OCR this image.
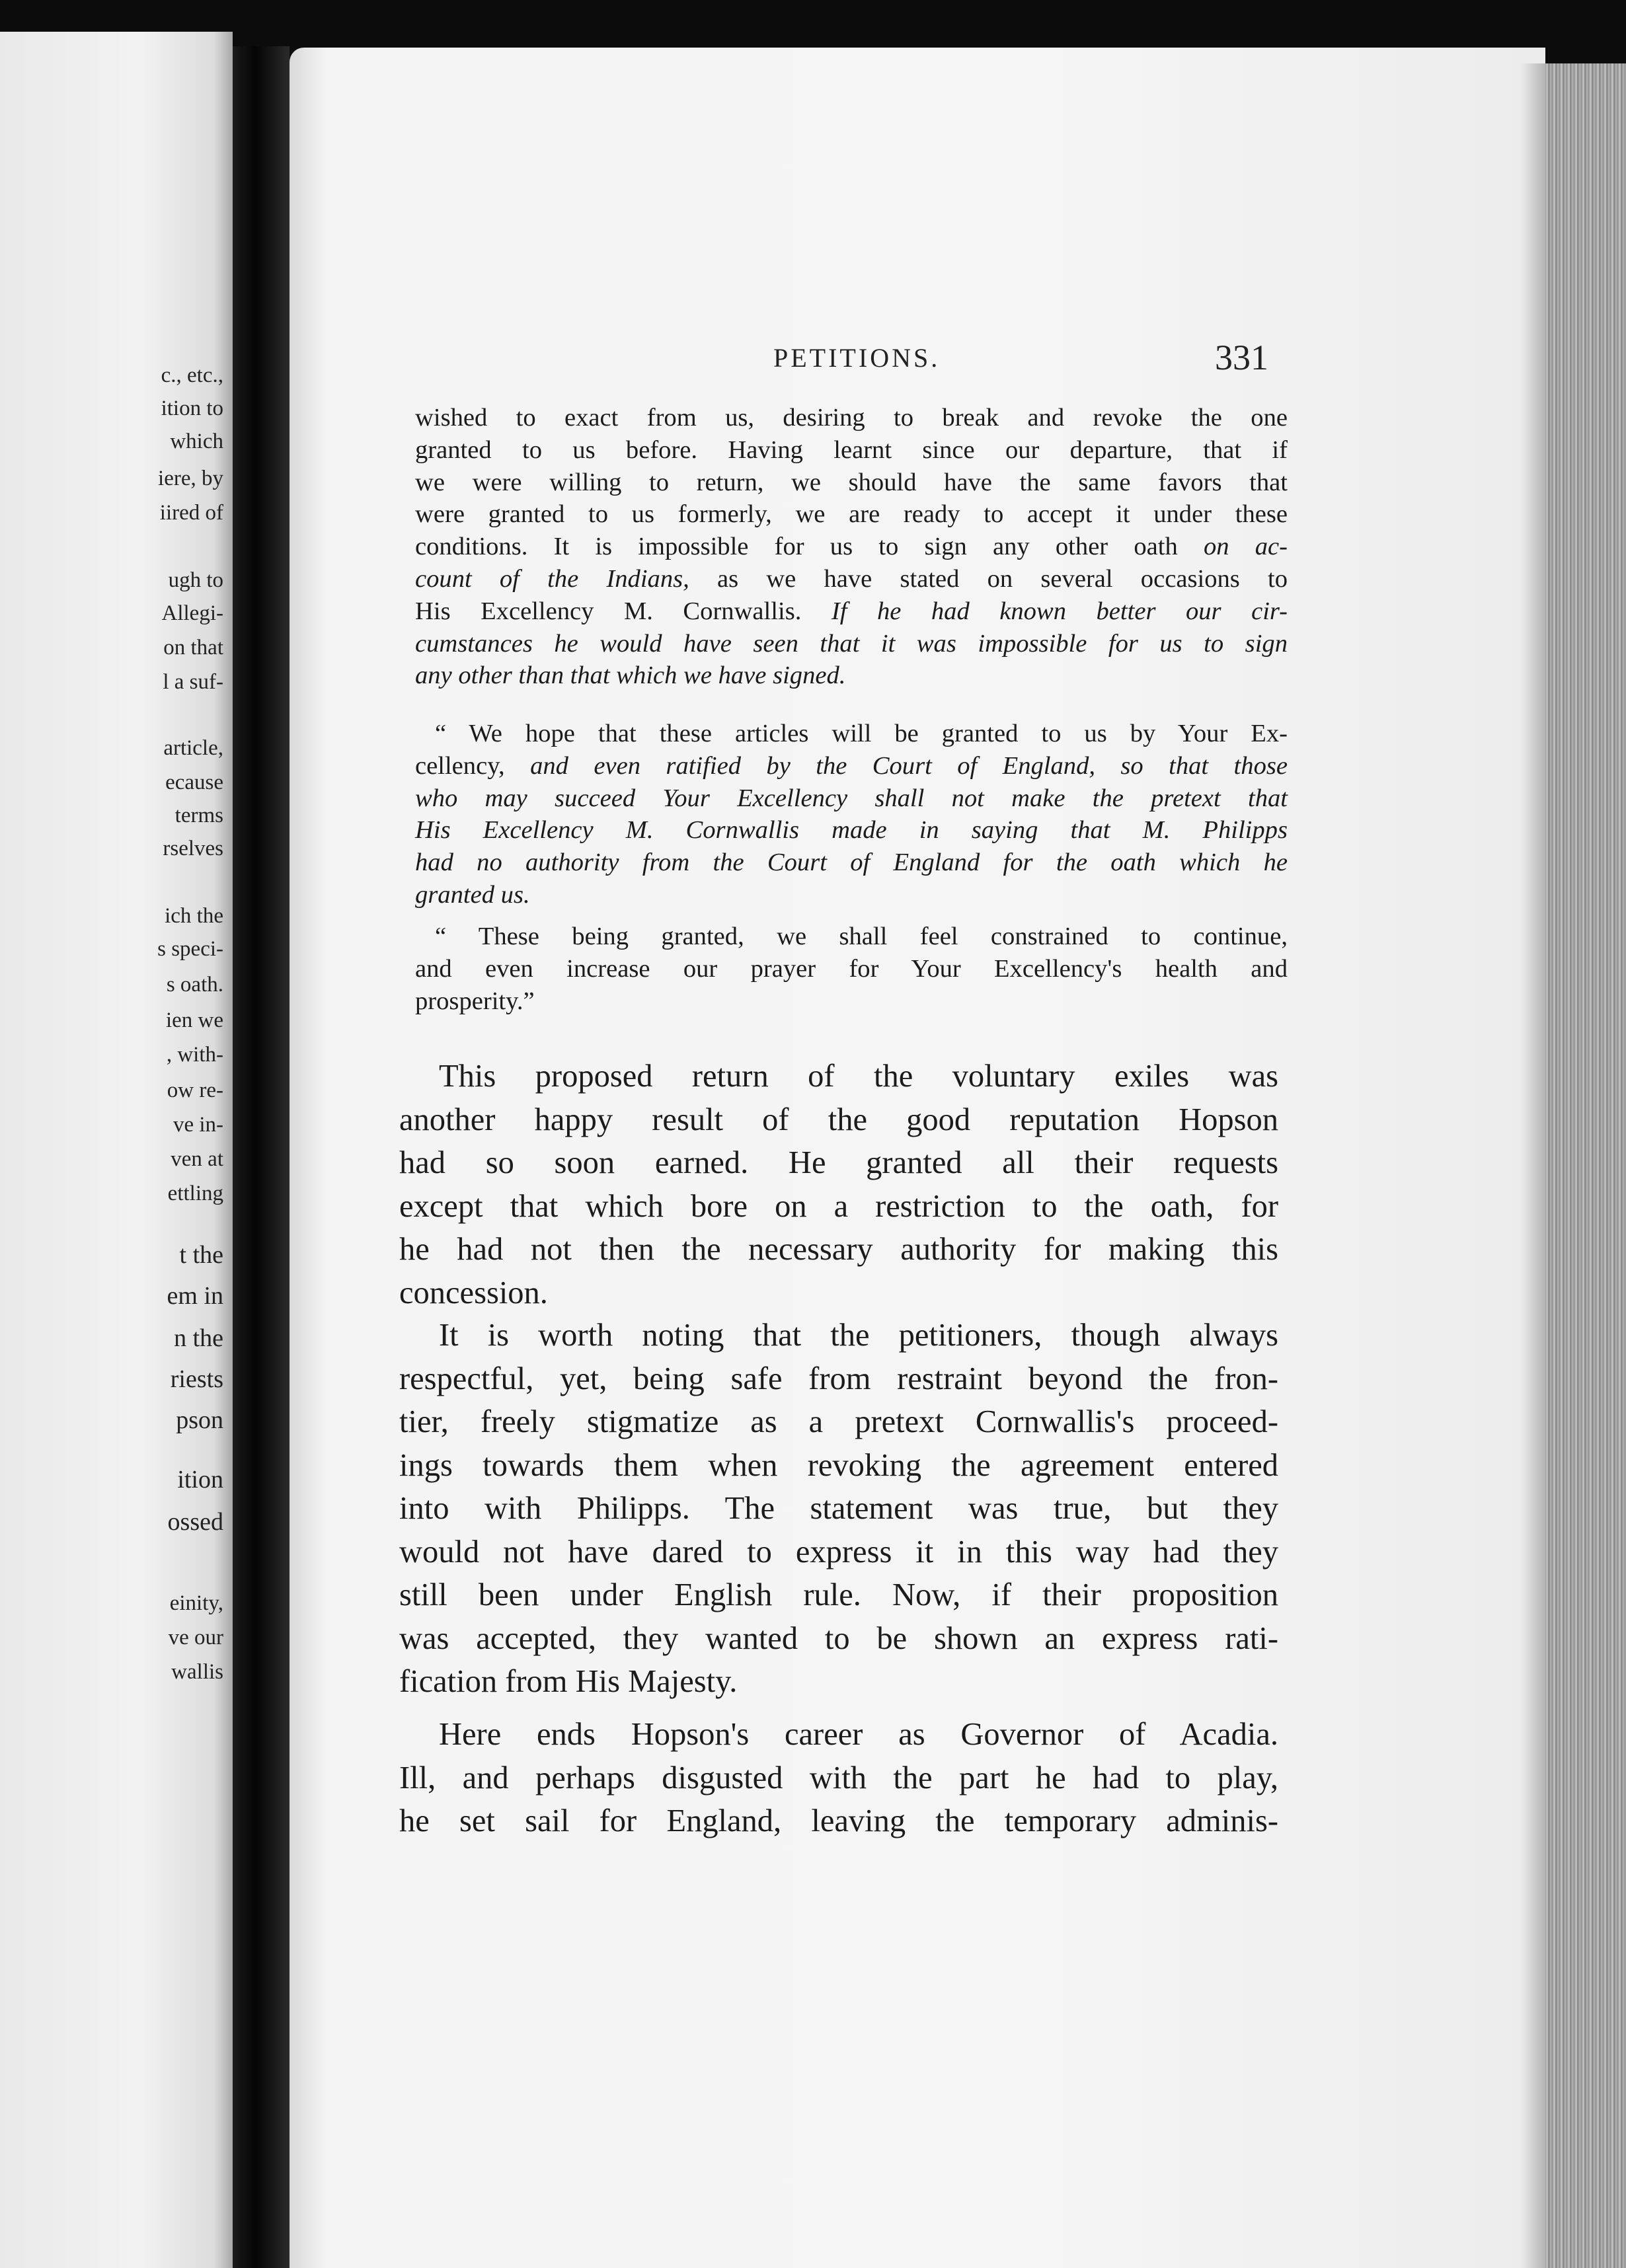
c., etc.,
ition to
which
iere, by
iired of
ugh to
Allegi-
on that
l a suf-
article,
ecause
terms
rselves
ich the
s speci-
s oath.
ien we
, with-
ow re-
ve in-
ven at
ettling
t the
em in
n the
riests
pson
ition
ossed
einity,
ve our
wallis
PETITIONS.	331
wished to exact from us, desiring to break and revoke the one
granted to us before. Having learnt since our departure, that if
we were willing to return, we should have the same favors that
were granted to us formerly, we are ready to accept it under these
conditions. It is impossible for us to sign any other oath on ac-
count of the Indians, as we have stated on several occasions to
His Excellency M. Cornwallis. If he had known better our cir-
cumstances he would have seen that it was impossible for us to sign
any other than that which we have signed.
“ We hope that these articles will be granted to us by Your Ex-
cellency, and even ratified by the Court of England, so that those
who may succeed Your Excellency shall not make the pretext that
His Excellency M. Cornwallis made in saying that M. Philipps
had no authority from the Court of England for the oath which he
granted us.
“ These being granted, we shall feel constrained to continue,
and even increase our prayer for Your Excellency's health and
prosperity.”
This proposed return of the voluntary exiles was
another happy result of the good reputation Hopson
had so soon earned. He granted all their requests
except that which bore on a restriction to the oath, for
he had not then the necessary authority for making this
concession.
It is worth noting that the petitioners, though always
respectful, yet, being safe from restraint beyond the fron-
tier, freely stigmatize as a pretext Cornwallis's proceed-
ings towards them when revoking the agreement entered
into with Philipps. The statement was true, but they
would not have dared to express it in this way had they
still been under English rule. Now, if their proposition
was accepted, they wanted to be shown an express rati-
fication from His Majesty.
Here ends Hopson's career as Governor of Acadia.
Ill, and perhaps disgusted with the part he had to play,
he set sail for England, leaving the temporary adminis-
